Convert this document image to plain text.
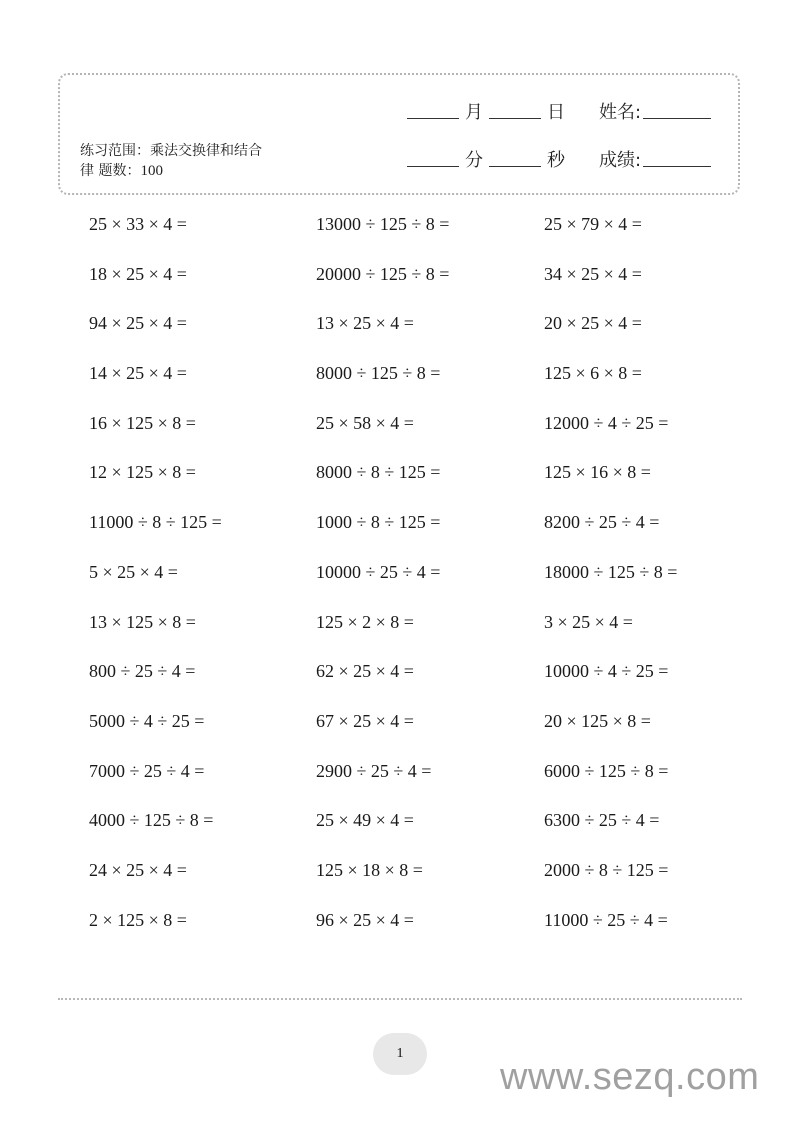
练习范围：乘法交换律和结合
律 题数：100
月	日 姓名:
分	秒 成绩:
25 × 33 × 4 =	13000 ÷ 125 ÷ 8 =	25 × 79 × 4 =
18 × 25 × 4 =	20000 ÷ 125 ÷ 8 =	34 × 25 × 4 =
94 × 25 × 4 =	13 × 25 × 4 =	20 × 25 × 4 =
14 × 25 × 4 =	8000 ÷ 125 ÷ 8 =	125 × 6 × 8 =
16 × 125 × 8 =	25 × 58 × 4 =	12000 ÷ 4 ÷ 25 =
12 × 125 × 8 =	8000 ÷ 8 ÷ 125 =	125 × 16 × 8 =
11000 ÷ 8 ÷ 125 =	1000 ÷ 8 ÷ 125 =	8200 ÷ 25 ÷ 4 =
5 × 25 × 4 =	10000 ÷ 25 ÷ 4 =	18000 ÷ 125 ÷ 8 =
13 × 125 × 8 =	125 × 2 × 8 =	3 × 25 × 4 =
800 ÷ 25 ÷ 4 =	62 × 25 × 4 =	10000 ÷ 4 ÷ 25 =
5000 ÷ 4 ÷ 25 =	67 × 25 × 4 =	20 × 125 × 8 =
7000 ÷ 25 ÷ 4 =	2900 ÷ 25 ÷ 4 =	6000 ÷ 125 ÷ 8 =
4000 ÷ 125 ÷ 8 =	25 × 49 × 4 =	6300 ÷ 25 ÷ 4 =
24 × 25 × 4 =	125 × 18 × 8 =	2000 ÷ 8 ÷ 125 =
2 × 125 × 8 =	96 × 25 × 4 =	11000 ÷ 25 ÷ 4 =
1
www.sezq.com
